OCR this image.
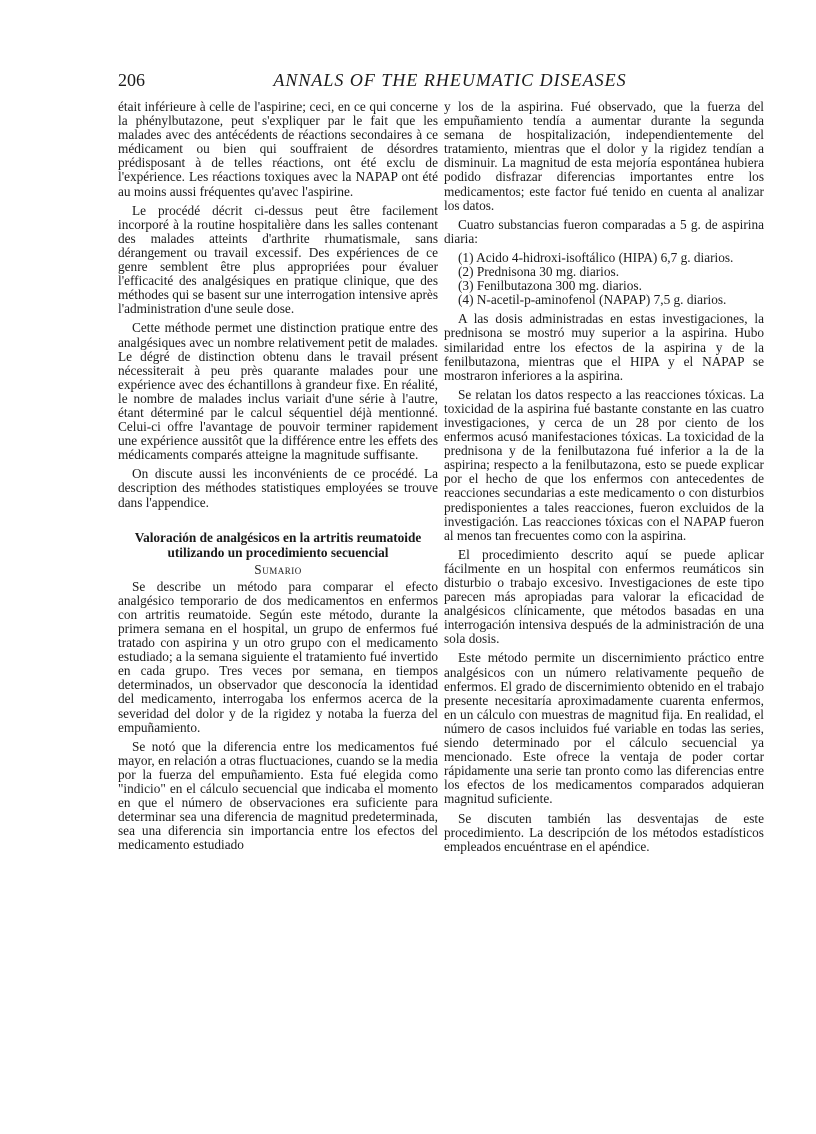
206	ANNALS OF THE RHEUMATIC DISEASES

était inférieure à celle de l'aspirine; ceci, en ce qui concerne la phénylbutazone, peut s'expliquer par le fait que les malades avec des antécédents de réactions secondaires à ce médicament ou bien qui souffraient de désordres prédisposant à de telles réactions, ont été exclu de l'expérience. Les réactions toxiques avec la NAPAP ont été au moins aussi fréquentes qu'avec l'aspirine.

Le procédé décrit ci-dessus peut être facilement incorporé à la routine hospitalière dans les salles contenant des malades atteints d'arthrite rhumatismale, sans dérangement ou travail excessif. Des expériences de ce genre semblent être plus appropriées pour évaluer l'efficacité des analgésiques en pratique clinique, que des méthodes qui se basent sur une interrogation intensive après l'administration d'une seule dose.

Cette méthode permet une distinction pratique entre des analgésiques avec un nombre relativement petit de malades. Le dégré de distinction obtenu dans le travail présent nécessiterait à peu près quarante malades pour une expérience avec des échantillons à grandeur fixe. En réalité, le nombre de malades inclus variait d'une série à l'autre, étant déterminé par le calcul séquentiel déjà mentionné. Celui-ci offre l'avantage de pouvoir terminer rapidement une expérience aussitôt que la différence entre les effets des médicaments comparés atteigne la magnitude suffisante.

On discute aussi les inconvénients de ce procédé. La description des méthodes statistiques employées se trouve dans l'appendice.

Valoración de analgésicos en la artritis reumatoide utilizando un procedimiento secuencial
Sumario

Se describe un método para comparar el efecto analgésico temporario de dos medicamentos en enfermos con artritis reumatoide. Según este método, durante la primera semana en el hospital, un grupo de enfermos fué tratado con aspirina y un otro grupo con el medicamento estudiado; a la semana siguiente el tratamiento fué invertido en cada grupo. Tres veces por semana, en tiempos determinados, un observador que desconocía la identidad del medicamento, interrogaba los enfermos acerca de la severidad del dolor y de la rigidez y notaba la fuerza del empuñamiento.

Se notó que la diferencia entre los medicamentos fué mayor, en relación a otras fluctuaciones, cuando se la media por la fuerza del empuñamiento. Esta fué elegida como "indicio" en el cálculo secuencial que indicaba el momento en que el número de observaciones era suficiente para determinar sea una diferencia de magnitud predeterminada, sea una diferencia sin importancia entre los efectos del medicamento estudiado

y los de la aspirina. Fué observado, que la fuerza del empuñamiento tendía a aumentar durante la segunda semana de hospitalización, independientemente del tratamiento, mientras que el dolor y la rigidez tendían a disminuir. La magnitud de esta mejoría espontánea hubiera podido disfrazar diferencias importantes entre los medicamentos; este factor fué tenido en cuenta al analizar los datos.

Cuatro substancias fueron comparadas a 5 g. de aspirina diaria:

(1) Acido 4-hidroxi-isoftálico (HIPA) 6,7 g. diarios.
(2) Prednisona 30 mg. diarios.
(3) Fenilbutazona 300 mg. diarios.
(4) N-acetil-p-aminofenol (NAPAP) 7,5 g. diarios.

A las dosis administradas en estas investigaciones, la prednisona se mostró muy superior a la aspirina. Hubo similaridad entre los efectos de la aspirina y de la fenilbutazona, mientras que el HIPA y el NAPAP se mostraron inferiores a la aspirina.

Se relatan los datos respecto a las reacciones tóxicas. La toxicidad de la aspirina fué bastante constante en las cuatro investigaciones, y cerca de un 28 por ciento de los enfermos acusó manifestaciones tóxicas. La toxicidad de la prednisona y de la fenilbutazona fué inferior a la de la aspirina; respecto a la fenilbutazona, esto se puede explicar por el hecho de que los enfermos con antecedentes de reacciones secundarias a este medicamento o con disturbios predisponientes a tales reacciones, fueron excluidos de la investigación. Las reacciones tóxicas con el NAPAP fueron al menos tan frecuentes como con la aspirina.

El procedimiento descrito aquí se puede aplicar fácilmente en un hospital con enfermos reumáticos sin disturbio o trabajo excesivo. Investigaciones de este tipo parecen más apropiadas para valorar la eficacidad de analgésicos clínicamente, que métodos basadas en una interrogación intensiva después de la administración de una sola dosis.

Este método permite un discernimiento práctico entre analgésicos con un número relativamente pequeño de enfermos. El grado de discernimiento obtenido en el trabajo presente necesitaría aproximadamente cuarenta enfermos, en un cálculo con muestras de magnitud fija. En realidad, el número de casos incluidos fué variable en todas las series, siendo determinado por el cálculo secuencial ya mencionado. Este ofrece la ventaja de poder cortar rápidamente una serie tan pronto como las diferencias entre los efectos de los medicamentos comparados adquieran magnitud suficiente.

Se discuten también las desventajas de este procedimiento. La descripción de los métodos estadísticos empleados encuéntrase en el apéndice.
